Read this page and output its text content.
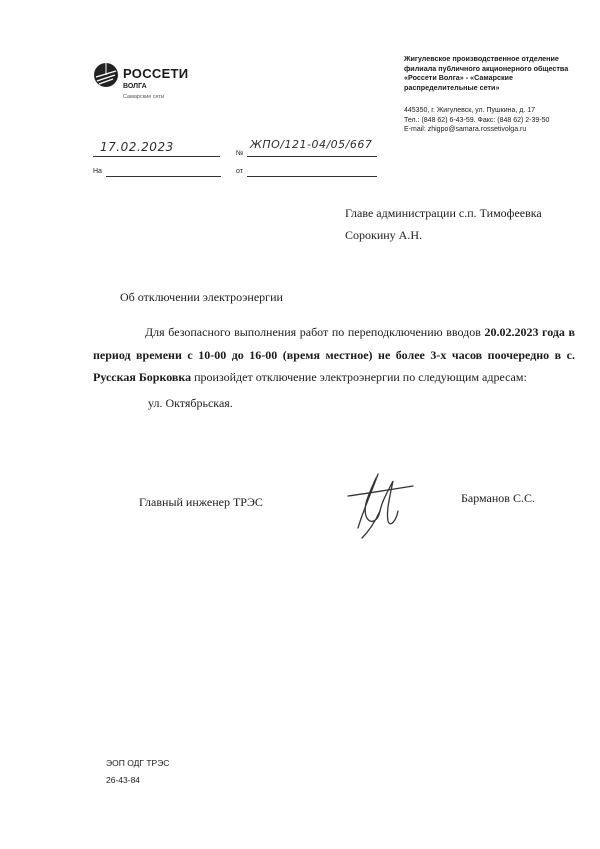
РОССЕТИ
ВОЛГА
Самарские сети
Жигулевское производственное отделение филиала публичного акционерного общества «Россети Волга» - «Самарские распределительные сети»
445350, г. Жигулевск, ул. Пушкина, д. 17
Тел.: (848 62) 6-43-59. Факс: (848 62) 2-39-50
E-mail: zhigpo@samara.rossetivolga.ru
17.02.2023	№
ЖПО/121-04/05/667
На	от
Главе администрации с.п. Тимофеевка
Сорокину А.Н.
Об отключении электроэнергии
Для безопасного выполнения работ по переподключению вводов 20.02.2023 года в период времени с 10-00 до 16-00 (время местное) не более 3-х часов поочередно в с. Русская Борковка произойдет отключение электроэнергии по следующим адресам:
ул. Октябрьская.
Главный инженер ТРЭС	Барманов С.С.
ЭОП ОДГ ТРЭС
26-43-84
